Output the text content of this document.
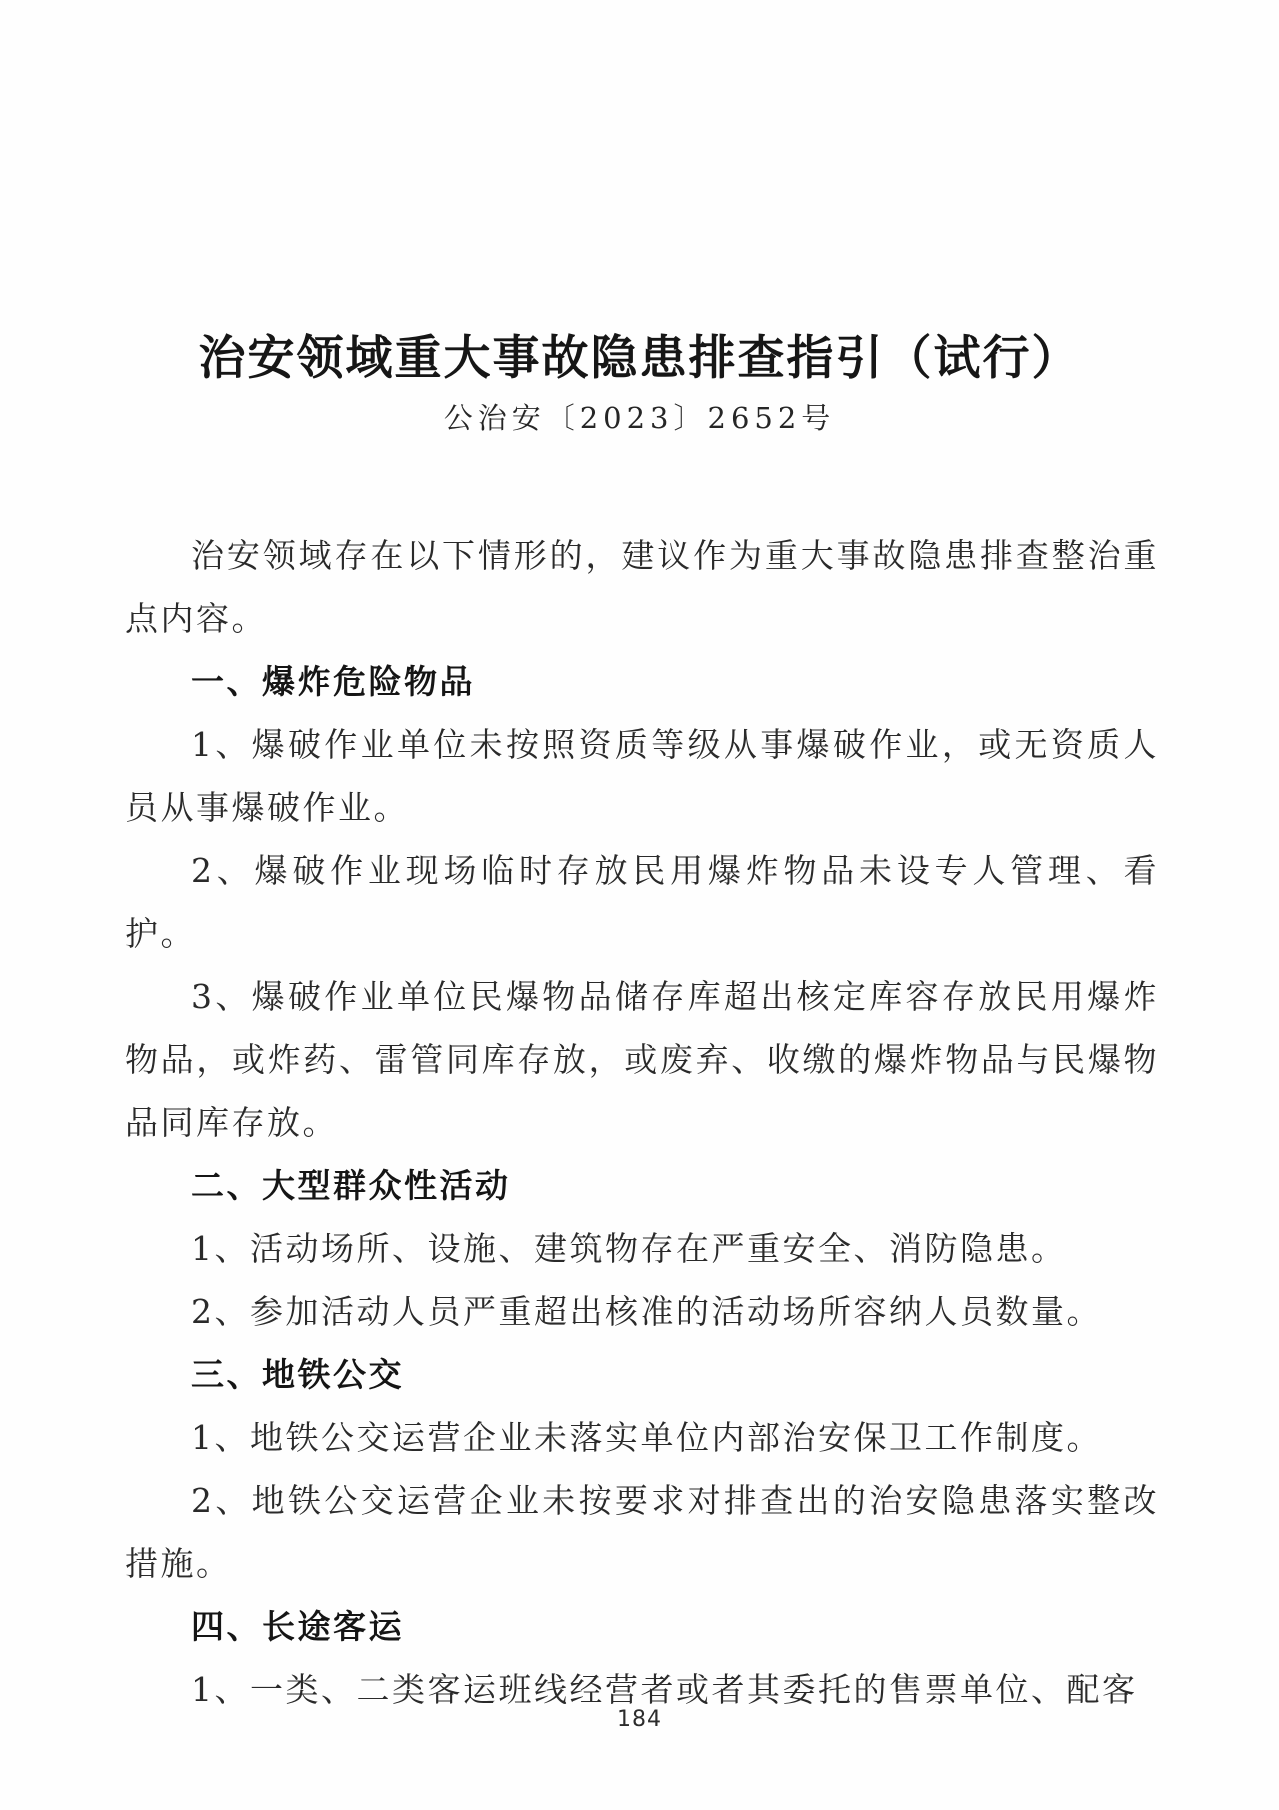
治安领域重大事故隐患排查指引（试行）

公治安〔2023〕2652号

治安领域存在以下情形的，建议作为重大事故隐患排查整治重点内容。

一、爆炸危险物品

1、爆破作业单位未按照资质等级从事爆破作业，或无资质人员从事爆破作业。

2、爆破作业现场临时存放民用爆炸物品未设专人管理、看护。

3、爆破作业单位民爆物品储存库超出核定库容存放民用爆炸物品，或炸药、雷管同库存放，或废弃、收缴的爆炸物品与民爆物品同库存放。

二、大型群众性活动

1、活动场所、设施、建筑物存在严重安全、消防隐患。

2、参加活动人员严重超出核准的活动场所容纳人员数量。

三、地铁公交

1、地铁公交运营企业未落实单位内部治安保卫工作制度。

2、地铁公交运营企业未按要求对排查出的治安隐患落实整改措施。

四、长途客运

1、一类、二类客运班线经营者或者其委托的售票单位、配客

184
